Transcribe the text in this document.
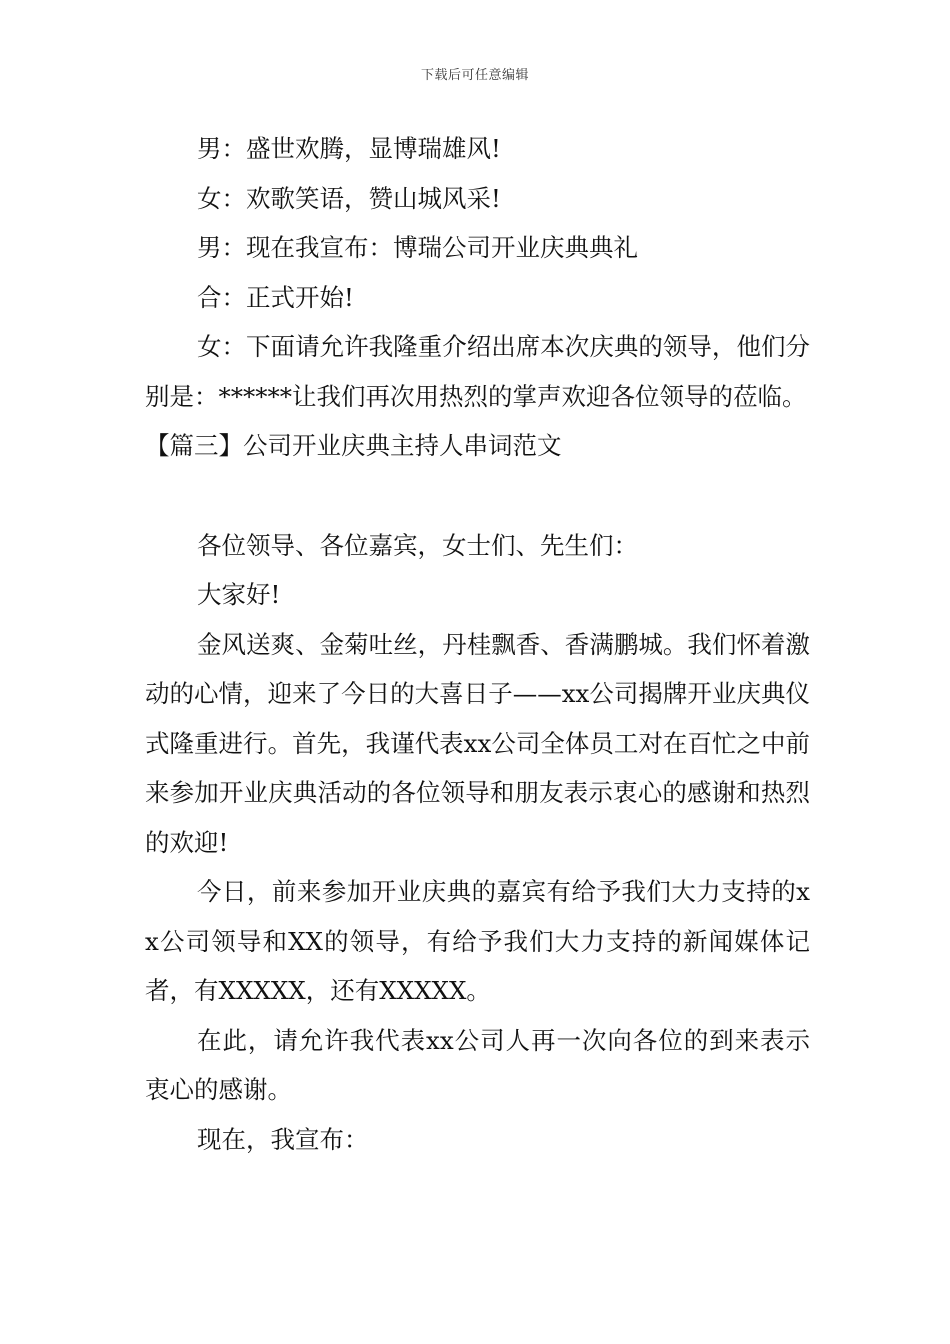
下载后可任意编辑

男：盛世欢腾，显博瑞雄风!

女：欢歌笑语，赞山城风采!

男：现在我宣布：博瑞公司开业庆典典礼

合：正式开始!

女：下面请允许我隆重介绍出席本次庆典的领导，他们分别是：******让我们再次用热烈的掌声欢迎各位领导的莅临。

【篇三】公司开业庆典主持人串词范文

各位领导、各位嘉宾，女士们、先生们：

大家好!

金风送爽、金菊吐丝，丹桂飘香、香满鹏城。我们怀着激动的心情，迎来了今日的大喜日子——xx公司揭牌开业庆典仪式隆重进行。首先，我谨代表xx公司全体员工对在百忙之中前来参加开业庆典活动的各位领导和朋友表示衷心的感谢和热烈的欢迎!

今日，前来参加开业庆典的嘉宾有给予我们大力支持的xx公司领导和XX的领导，有给予我们大力支持的新闻媒体记者，有XXXXX，还有XXXXX。

在此，请允许我代表xx公司人再一次向各位的到来表示衷心的感谢。

现在，我宣布：
